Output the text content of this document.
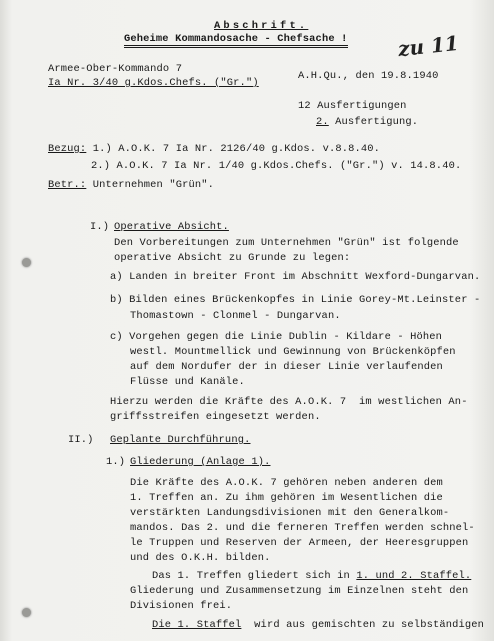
Abschrift.
Geheime Kommandosache - Chefsache ! zu 11
Armee-Ober-Kommando 7
Ia Nr. 3/40 g.Kdos.Chefs. ("Gr.")
A.H.Qu., den 19.8.1940
12 Ausfertigungen
2. Ausfertigung.
Bezug: 1.) A.O.K. 7 Ia Nr. 2126/40 g.Kdos. v.8.8.40.
2.) A.O.K. 7 Ia Nr. 1/40 g.Kdos.Chefs. ("Gr.") v. 14.8.40.
Betr.: Unternehmen "Grün".
I.) Operative Absicht.
Den Vorbereitungen zum Unternehmen "Grün" ist folgende
operative Absicht zu Grunde zu legen:
a) Landen in breiter Front im Abschnitt Wexford-Dungarvan.
b) Bilden eines Brückenkopfes in Linie Gorey-Mt.Leinster -
Thomastown - Clonmel - Dungarvan.
c) Vorgehen gegen die Linie Dublin - Kildare - Höhen
westl. Mountmellick und Gewinnung von Brückenköpfen
auf dem Nordufer der in dieser Linie verlaufenden
Flüsse und Kanäle.
Hierzu werden die Kräfte des A.O.K. 7  im westlichen An-
griffsstreifen eingesetzt werden.
II.) Geplante Durchführung.
1.) Gliederung (Anlage 1).
Die Kräfte des A.O.K. 7 gehören neben anderen dem
1. Treffen an. Zu ihm gehören im Wesentlichen die
verstärkten Landungsdivisionen mit den Generalkom-
mandos. Das 2. und die ferneren Treffen werden schnel-
le Truppen und Reserven der Armeen, der Heeresgruppen
und des O.K.H. bilden.
Das 1. Treffen gliedert sich in 1. und 2. Staffel.
Gliederung und Zusammensetzung im Einzelnen steht den
Divisionen frei.
Die 1. Staffel  wird aus gemischten zu selbständigen
